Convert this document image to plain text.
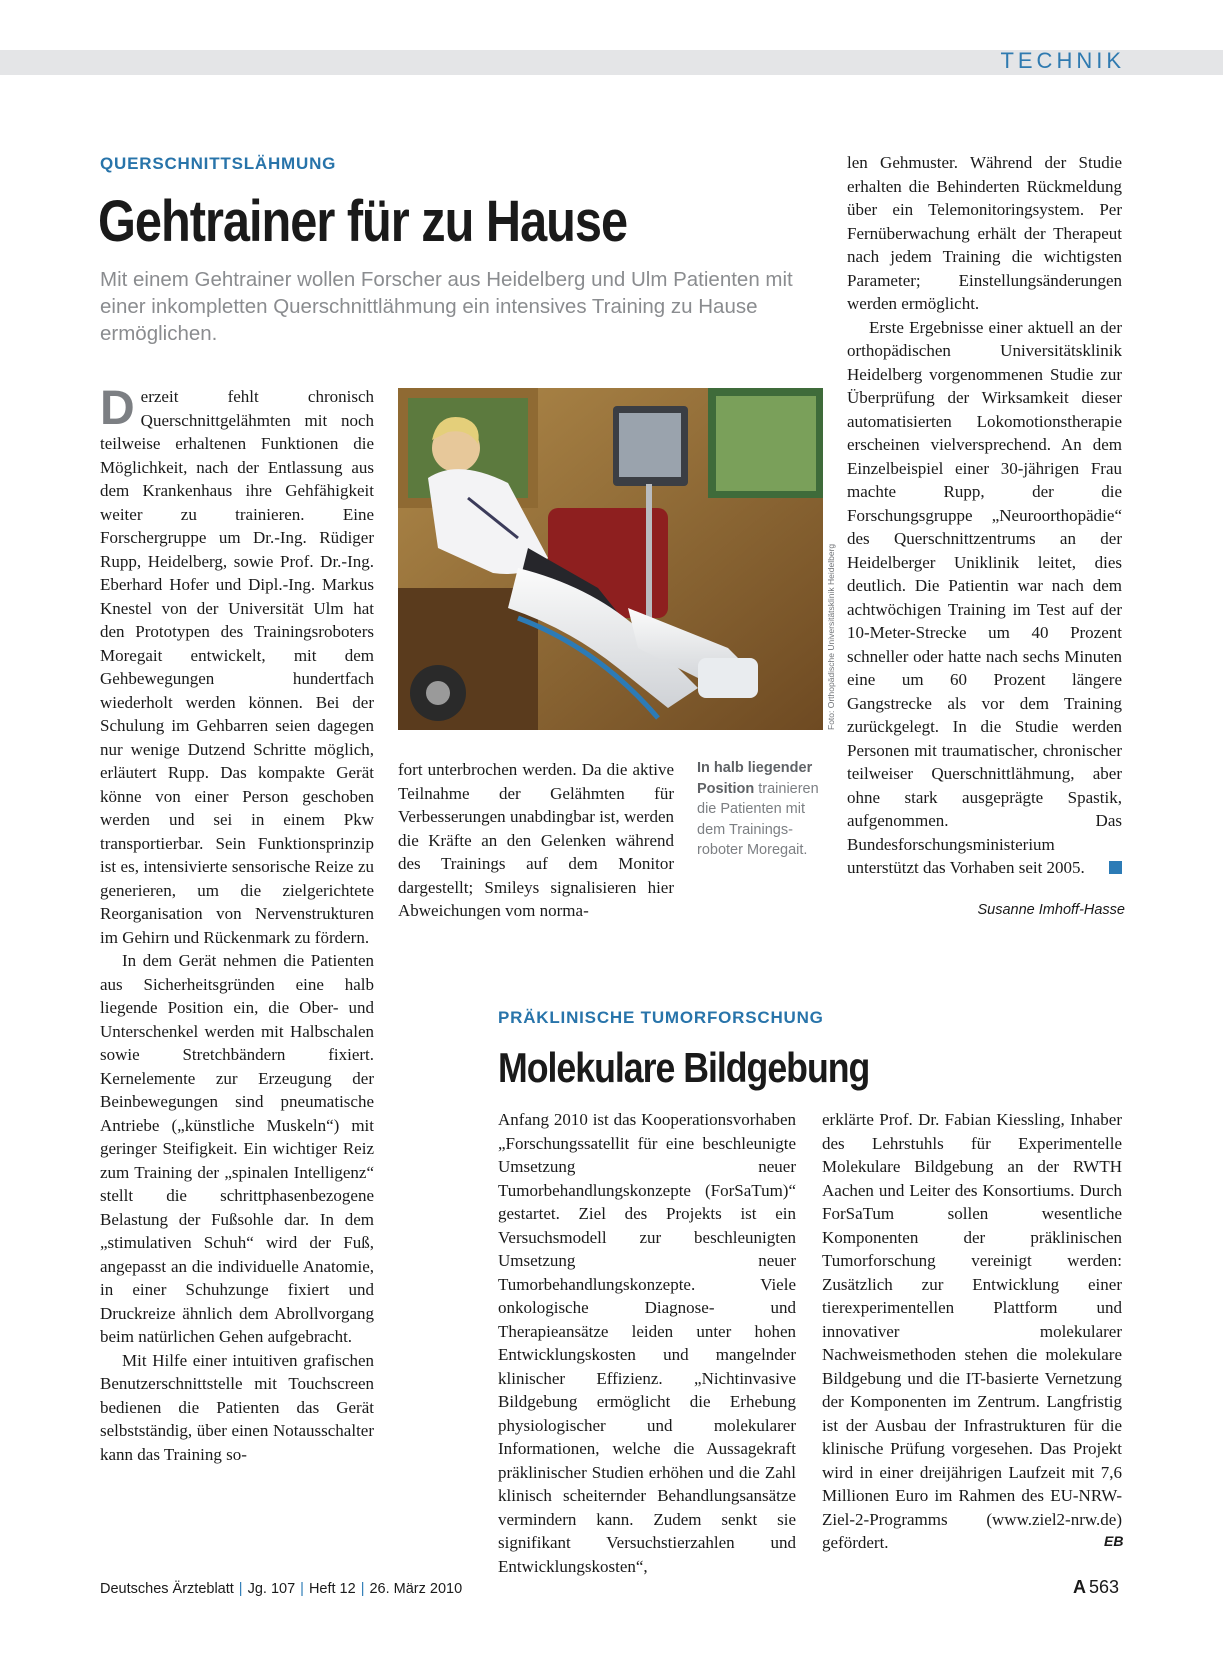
TECHNIK
QUERSCHNITTSLÄHMUNG
Gehtrainer für zu Hause

Mit einem Gehtrainer wollen Forscher aus Heidelberg und Ulm Patienten mit einer inkompletten Querschnittlähmung ein intensives Training zu Hause ermöglichen.

Derzeit fehlt chronisch Querschnittgelähmten mit noch teilweise erhaltenen Funktionen die Möglichkeit, nach der Entlassung aus dem Krankenhaus ihre Gehfähigkeit weiter zu trainieren. Eine Forschergruppe um Dr.-Ing. Rüdiger Rupp, Heidelberg, sowie Prof. Dr.-Ing. Eberhard Hofer und Dipl.-Ing. Markus Knestel von der Universität Ulm hat den Prototypen des Trainingsroboters Moregait entwickelt, mit dem Gehbewegungen hundertfach wiederholt werden können. Bei der Schulung im Gehbarren seien dagegen nur wenige Dutzend Schritte möglich, erläutert Rupp. Das kompakte Gerät könne von einer Person geschoben werden und sei in einem Pkw transportierbar. Sein Funktionsprinzip ist es, intensivierte sensorische Reize zu generieren, um die zielgerichtete Reorganisation von Nervenstrukturen im Gehirn und Rückenmark zu fördern.

In dem Gerät nehmen die Patienten aus Sicherheitsgründen eine halb liegende Position ein, die Ober- und Unterschenkel werden mit Halbschalen sowie Stretchbändern fixiert. Kernelemente zur Erzeugung der Beinbewegungen sind pneumatische Antriebe („künstliche Muskeln“) mit geringer Steifigkeit. Ein wichtiger Reiz zum Training der „spinalen Intelligenz“ stellt die schrittphasenbezogene Belastung der Fußsohle dar. In dem „stimulativen Schuh“ wird der Fuß, angepasst an die individuelle Anatomie, in einer Schuhzunge fixiert und Druckreize ähnlich dem Abrollvorgang beim natürlichen Gehen aufgebracht.

Mit Hilfe einer intuitiven grafischen Benutzerschnittstelle mit Touchscreen bedienen die Patienten das Gerät selbstständig, über einen Notausschalter kann das Training so-

Foto: Orthopädische Universitätsklinik Heidelberg

fort unterbrochen werden. Da die aktive Teilnahme der Gelähmten für Verbesserungen unabdingbar ist, werden die Kräfte an den Gelenken während des Trainings auf dem Monitor dargestellt; Smileys signalisieren hier Abweichungen vom norma-

In halb liegender Position trainieren die Patienten mit dem Trainingsroboter Moregait.

len Gehmuster. Während der Studie erhalten die Behinderten Rückmeldung über ein Telemonitoringsystem. Per Fernüberwachung erhält der Therapeut nach jedem Training die wichtigsten Parameter; Einstellungsänderungen werden ermöglicht.

Erste Ergebnisse einer aktuell an der orthopädischen Universitätsklinik Heidelberg vorgenommenen Studie zur Überprüfung der Wirksamkeit dieser automatisierten Lokomotionstherapie erscheinen vielversprechend. An dem Einzelbeispiel einer 30-jährigen Frau machte Rupp, der die Forschungsgruppe „Neuroorthopädie“ des Querschnittzentrums an der Heidelberger Uniklinik leitet, dies deutlich. Die Patientin war nach dem achtwöchigen Training im Test auf der 10-Meter-Strecke um 40 Prozent schneller oder hatte nach sechs Minuten eine um 60 Prozent längere Gangstrecke als vor dem Training zurückgelegt. In die Studie werden Personen mit traumatischer, chronischer teilweiser Querschnittlähmung, aber ohne stark ausgeprägte Spastik, aufgenommen. Das Bundesforschungsministerium unterstützt das Vorhaben seit 2005.

Susanne Imhoff-Hasse
PRÄKLINISCHE TUMORFORSCHUNG
Molekulare Bildgebung

Anfang 2010 ist das Kooperationsvorhaben „Forschungssatellit für eine beschleunigte Umsetzung neuer Tumorbehandlungskonzepte (ForSaTum)“ gestartet. Ziel des Projekts ist ein Versuchsmodell zur beschleunigten Umsetzung neuer Tumorbehandlungskonzepte. Viele onkologische Diagnose- und Therapieansätze leiden unter hohen Entwicklungskosten und mangelnder klinischer Effizienz. „Nichtinvasive Bildgebung ermöglicht die Erhebung physiologischer und molekularer Informationen, welche die Aussagekraft präklinischer Studien erhöhen und die Zahl klinisch scheiternder Behandlungsansätze vermindern kann. Zudem senkt sie signifikant Versuchstierzahlen und Entwicklungskosten“,

erklärte Prof. Dr. Fabian Kiessling, Inhaber des Lehrstuhls für Experimentelle Molekulare Bildgebung an der RWTH Aachen und Leiter des Konsortiums. Durch ForSaTum sollen wesentliche Komponenten der präklinischen Tumorforschung vereinigt werden: Zusätzlich zur Entwicklung einer tierexperimentellen Plattform und innovativer molekularer Nachweismethoden stehen die molekulare Bildgebung und die IT-basierte Vernetzung der Komponenten im Zentrum. Langfristig ist der Ausbau der Infrastrukturen für die klinische Prüfung vorgesehen. Das Projekt wird in einer dreijährigen Laufzeit mit 7,6 Millionen Euro im Rahmen des EU-NRW-Ziel-2-Programms (www.ziel2-nrw.de) gefördert.	EB
Deutsches Ärzteblatt | Jg. 107 | Heft 12 | 26. März 2010	A 563
